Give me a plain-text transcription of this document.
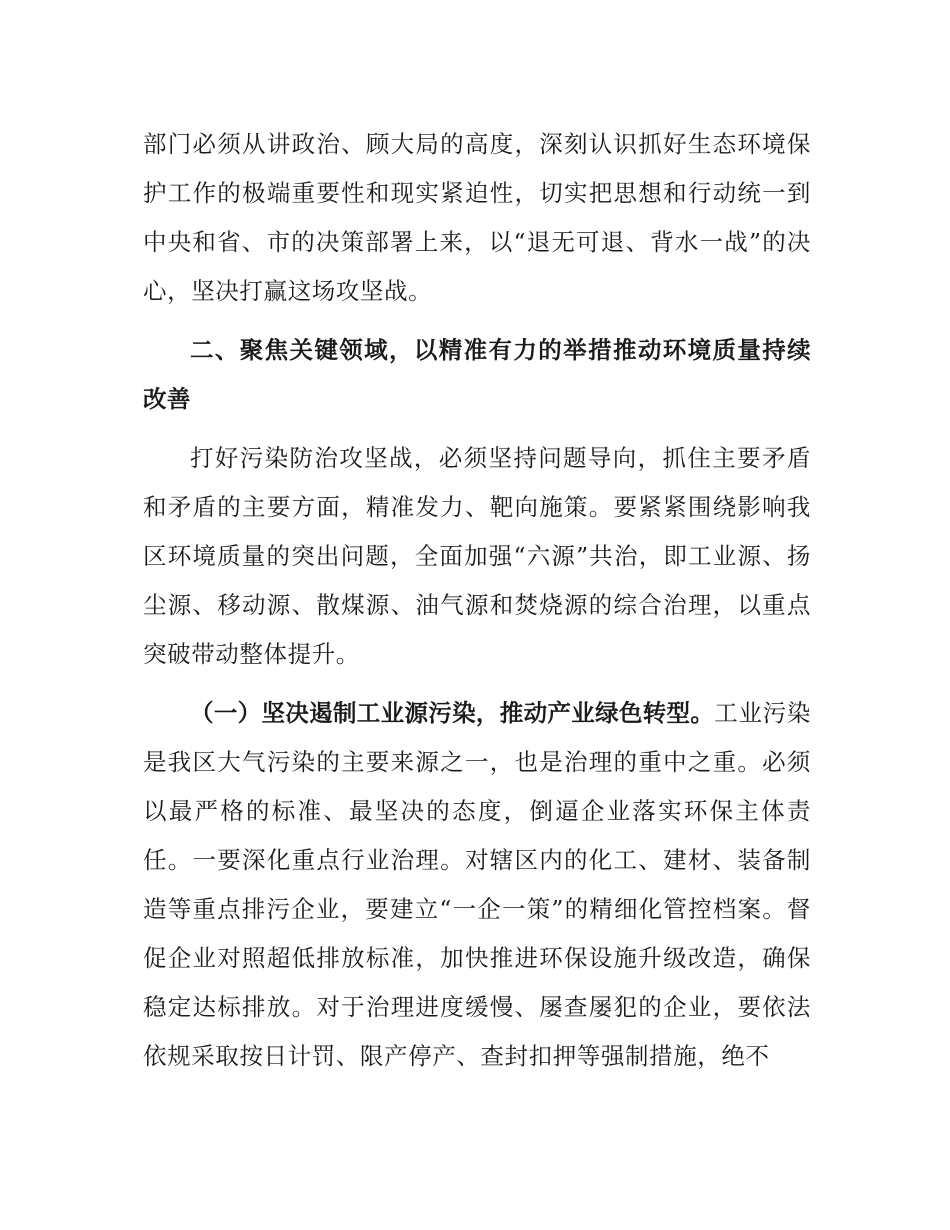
部门必须从讲政治、顾大局的高度，深刻认识抓好生态环境保护工作的极端重要性和现实紧迫性，切实把思想和行动统一到中央和省、市的决策部署上来，以“退无可退、背水一战”的决心，坚决打赢这场攻坚战。

二、聚焦关键领域，以精准有力的举措推动环境质量持续改善

打好污染防治攻坚战，必须坚持问题导向，抓住主要矛盾和矛盾的主要方面，精准发力、靶向施策。要紧紧围绕影响我区环境质量的突出问题，全面加强“六源”共治，即工业源、扬尘源、移动源、散煤源、油气源和焚烧源的综合治理，以重点突破带动整体提升。

（一）坚决遏制工业源污染，推动产业绿色转型。工业污染是我区大气污染的主要来源之一，也是治理的重中之重。必须以最严格的标准、最坚决的态度，倒逼企业落实环保主体责任。一要深化重点行业治理。对辖区内的化工、建材、装备制造等重点排污企业，要建立“一企一策”的精细化管控档案。督促企业对照超低排放标准，加快推进环保设施升级改造，确保稳定达标排放。对于治理进度缓慢、屡查屡犯的企业，要依法依规采取按日计罚、限产停产、查封扣押等强制措施，绝不
